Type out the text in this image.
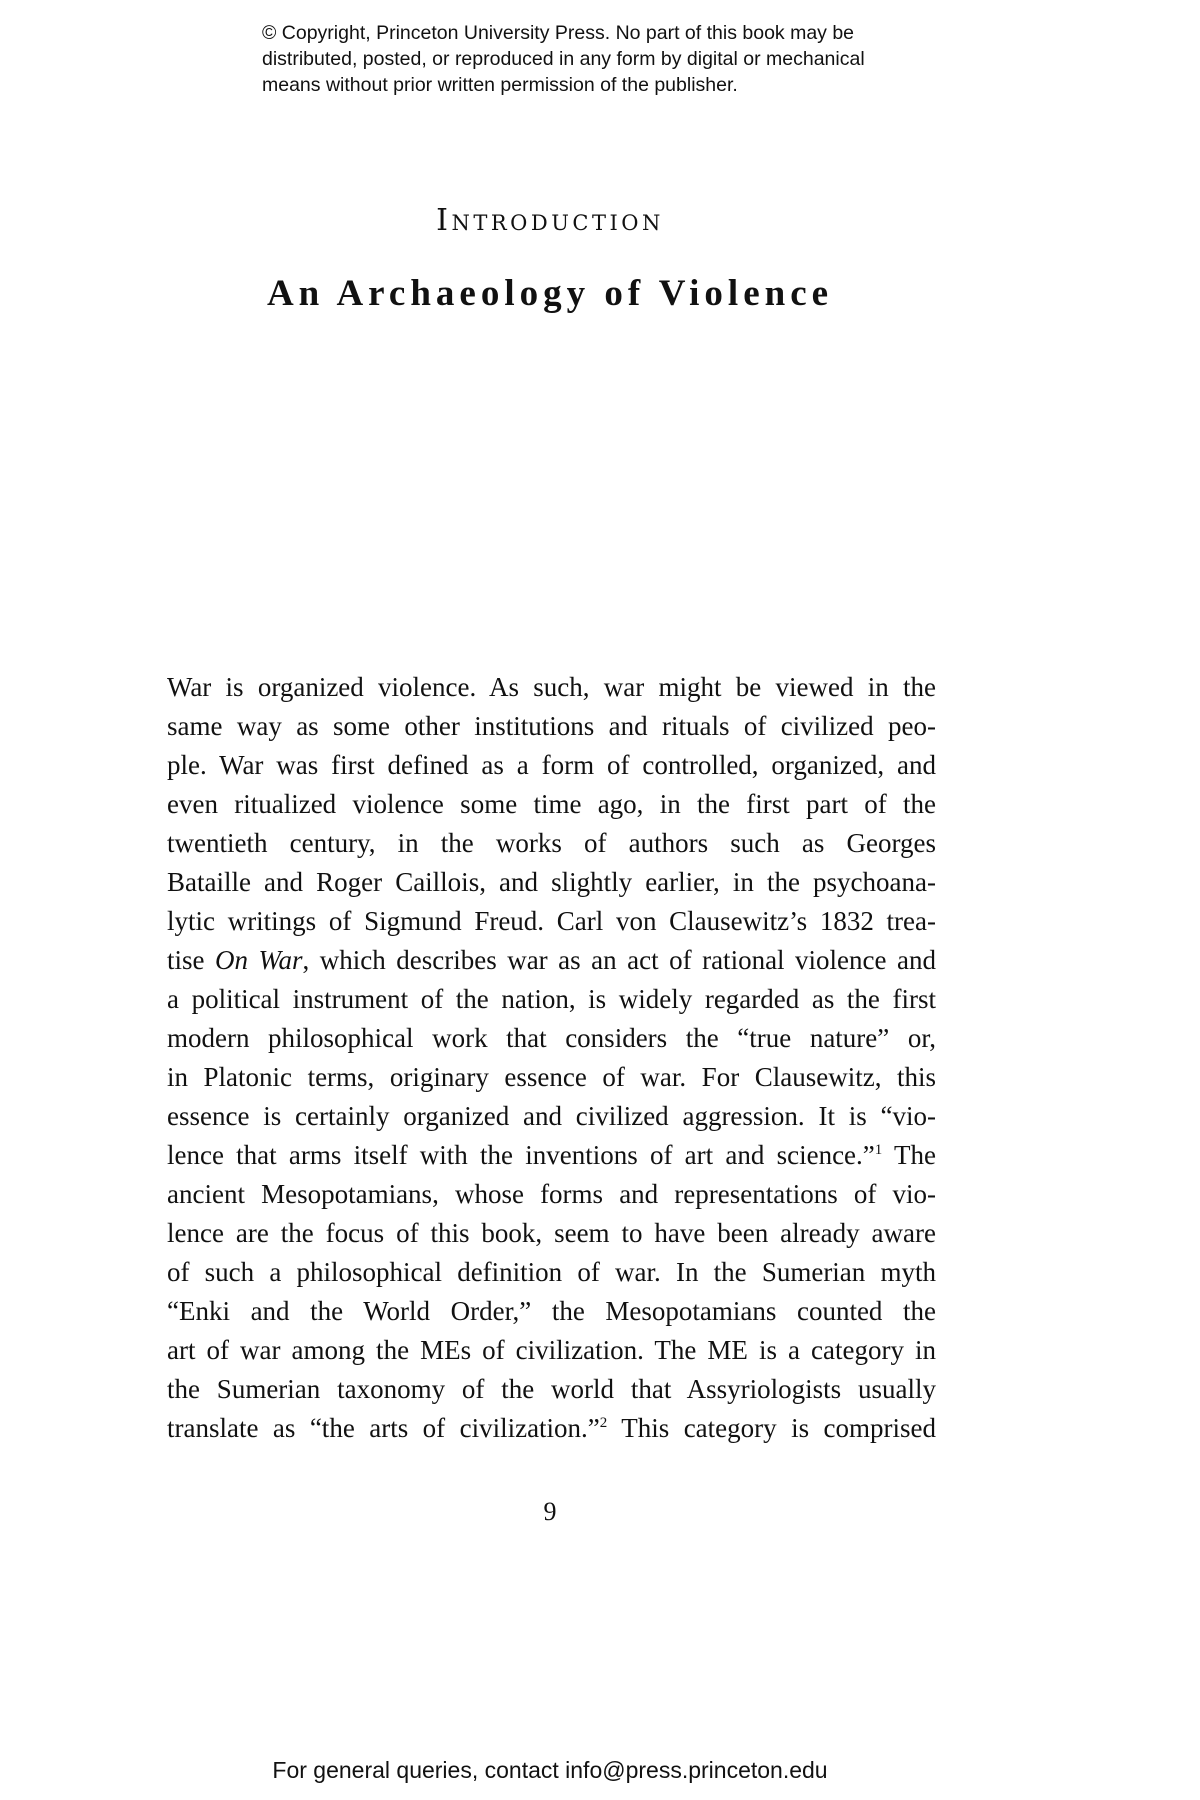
© Copyright, Princeton University Press. No part of this book may be
distributed, posted, or reproduced in any form by digital or mechanical
means without prior written permission of the publisher.
Introduction
An Archaeology of Violence
War is organized violence. As such, war might be viewed in the
same way as some other institutions and rituals of civilized peo-
ple. War was first defined as a form of controlled, organized, and
even ritualized violence some time ago, in the first part of the
twentieth century, in the works of authors such as Georges
Bataille and Roger Caillois, and slightly earlier, in the psychoana-
lytic writings of Sigmund Freud. Carl von Clausewitz’s 1832 trea-
tise On War, which describes war as an act of rational violence and
a political instrument of the nation, is widely regarded as the first
modern philosophical work that considers the “true nature” or,
in Platonic terms, originary essence of war. For Clausewitz, this
essence is certainly organized and civilized aggression. It is “vio-
lence that arms itself with the inventions of art and science.”$^1$ The
ancient Mesopotamians, whose forms and representations of vio-
lence are the focus of this book, seem to have been already aware
of such a philosophical definition of war. In the Sumerian myth
“Enki and the World Order,” the Mesopotamians counted the
art of war among the MEs of civilization. The ME is a category in
the Sumerian taxonomy of the world that Assyriologists usually
translate as “the arts of civilization.”$^2$ This category is comprised
9
For general queries, contact info@press.princeton.edu
